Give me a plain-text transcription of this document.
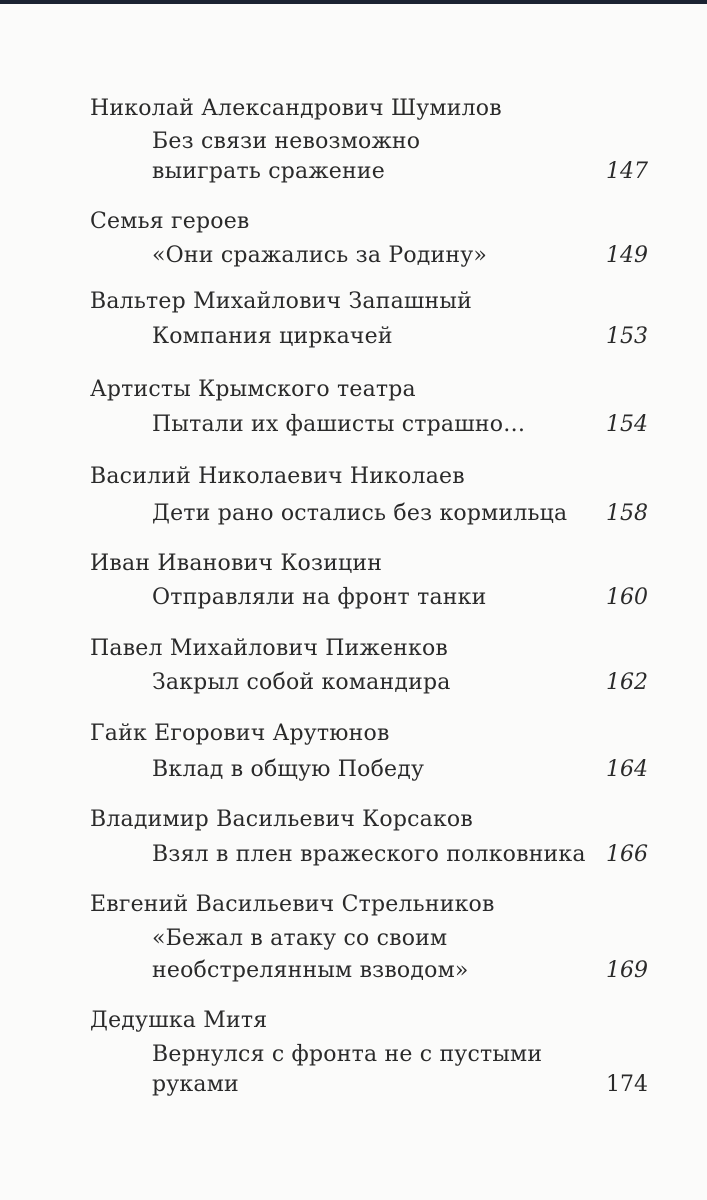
Николай Александрович Шумилов
Без связи невозможно
выиграть сражение	147
Семья героев
«Они сражались за Родину»	149
Вальтер Михайлович Запашный
Компания циркачей	153
Артисты Крымского театра
Пытали их фашисты страшно…	154
Василий Николаевич Николаев
Дети рано остались без кормильца 158
Иван Иванович Козицин
Отправляли на фронт танки	160
Павел Михайлович Пиженков
Закрыл собой командира	162
Гайк Егорович Арутюнов
Вклад в общую Победу	164
Владимир Васильевич Корсаков
Взял в плен вражеского полковника 166
Евгений Васильевич Стрельников
«Бежал в атаку со своим
необстрелянным взводом»	169
Дедушка Митя
Вернулся с фронта не с пустыми
руками	174
